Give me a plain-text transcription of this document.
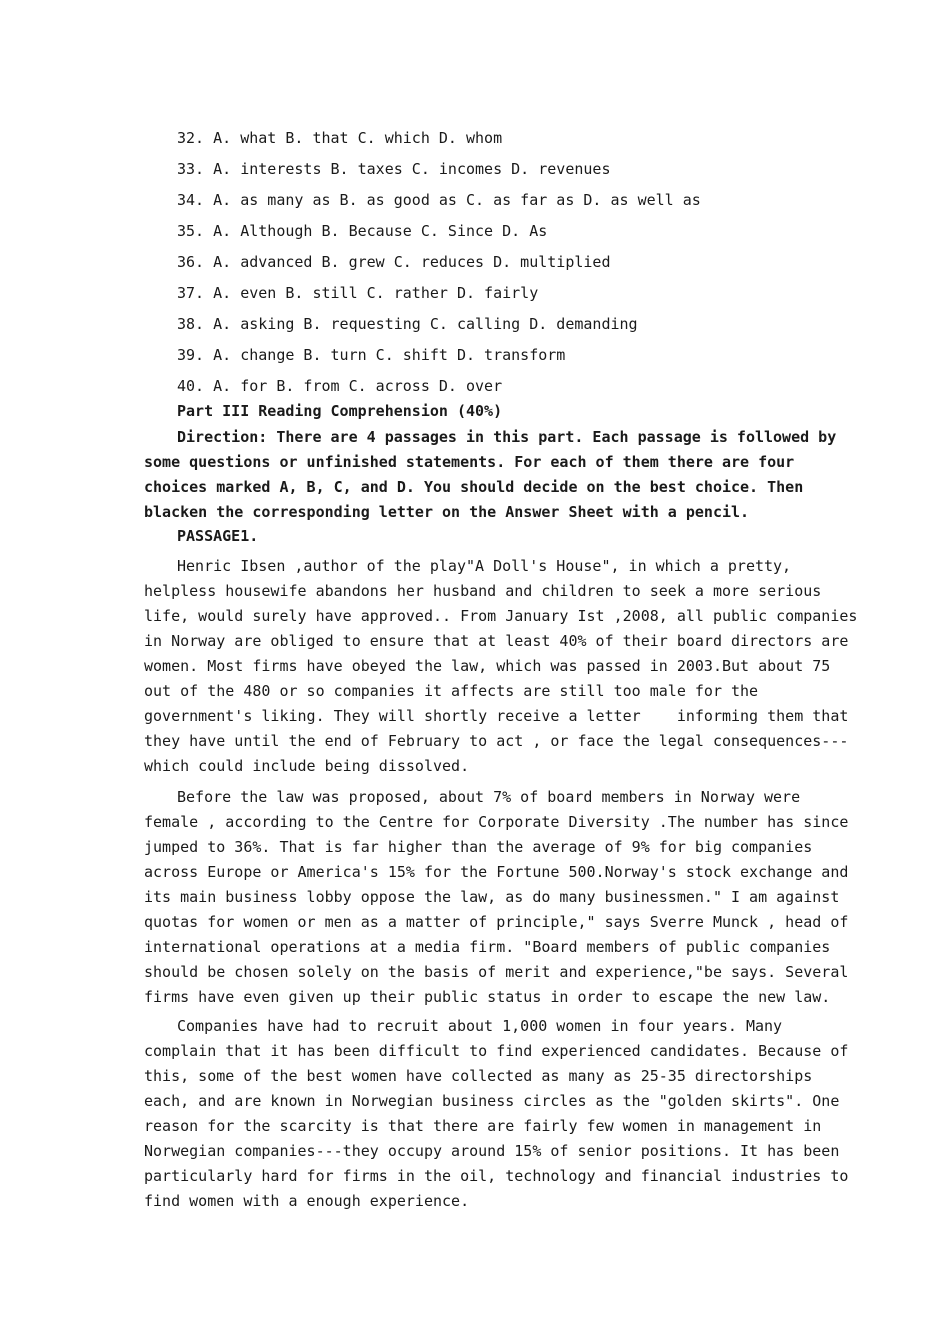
32. A. what B. that C. which D. whom
33. A. interests B. taxes C. incomes D. revenues
34. A. as many as B. as good as C. as far as D. as well as
35. A. Although B. Because C. Since D. As
36. A. advanced B. grew C. reduces D. multiplied
37. A. even B. still C. rather D. fairly
38. A. asking B. requesting C. calling D. demanding
39. A. change B. turn C. shift D. transform
40. A. for B. from C. across D. over
Part III Reading Comprehension (40%)
Direction: There are 4 passages in this part. Each passage is followed by
some questions or unfinished statements. For each of them there are four
choices marked A, B, C, and D. You should decide on the best choice. Then
blacken the corresponding letter on the Answer Sheet with a pencil.
PASSAGE1.
Henric Ibsen ,author of the play"A Doll's House", in which a pretty,
helpless housewife abandons her husband and children to seek a more serious
life, would surely have approved.. From January Ist ,2008, all public companies
in Norway are obliged to ensure that at least 40% of their board directors are
women. Most firms have obeyed the law, which was passed in 2003.But about 75
out of the 480 or so companies it affects are still too male for the
government's liking. They will shortly receive a letter    informing them that
they have until the end of February to act , or face the legal consequences---
which could include being dissolved.
Before the law was proposed, about 7% of board members in Norway were
female , according to the Centre for Corporate Diversity .The number has since
jumped to 36%. That is far higher than the average of 9% for big companies
across Europe or America's 15% for the Fortune 500.Norway's stock exchange and
its main business lobby oppose the law, as do many businessmen." I am against
quotas for women or men as a matter of principle," says Sverre Munck , head of
international operations at a media firm. "Board members of public companies
should be chosen solely on the basis of merit and experience,"be says. Several
firms have even given up their public status in order to escape the new law.
Companies have had to recruit about 1,000 women in four years. Many
complain that it has been difficult to find experienced candidates. Because of
this, some of the best women have collected as many as 25-35 directorships
each, and are known in Norwegian business circles as the "golden skirts". One
reason for the scarcity is that there are fairly few women in management in
Norwegian companies---they occupy around 15% of senior positions. It has been
particularly hard for firms in the oil, technology and financial industries to
find women with a enough experience.
